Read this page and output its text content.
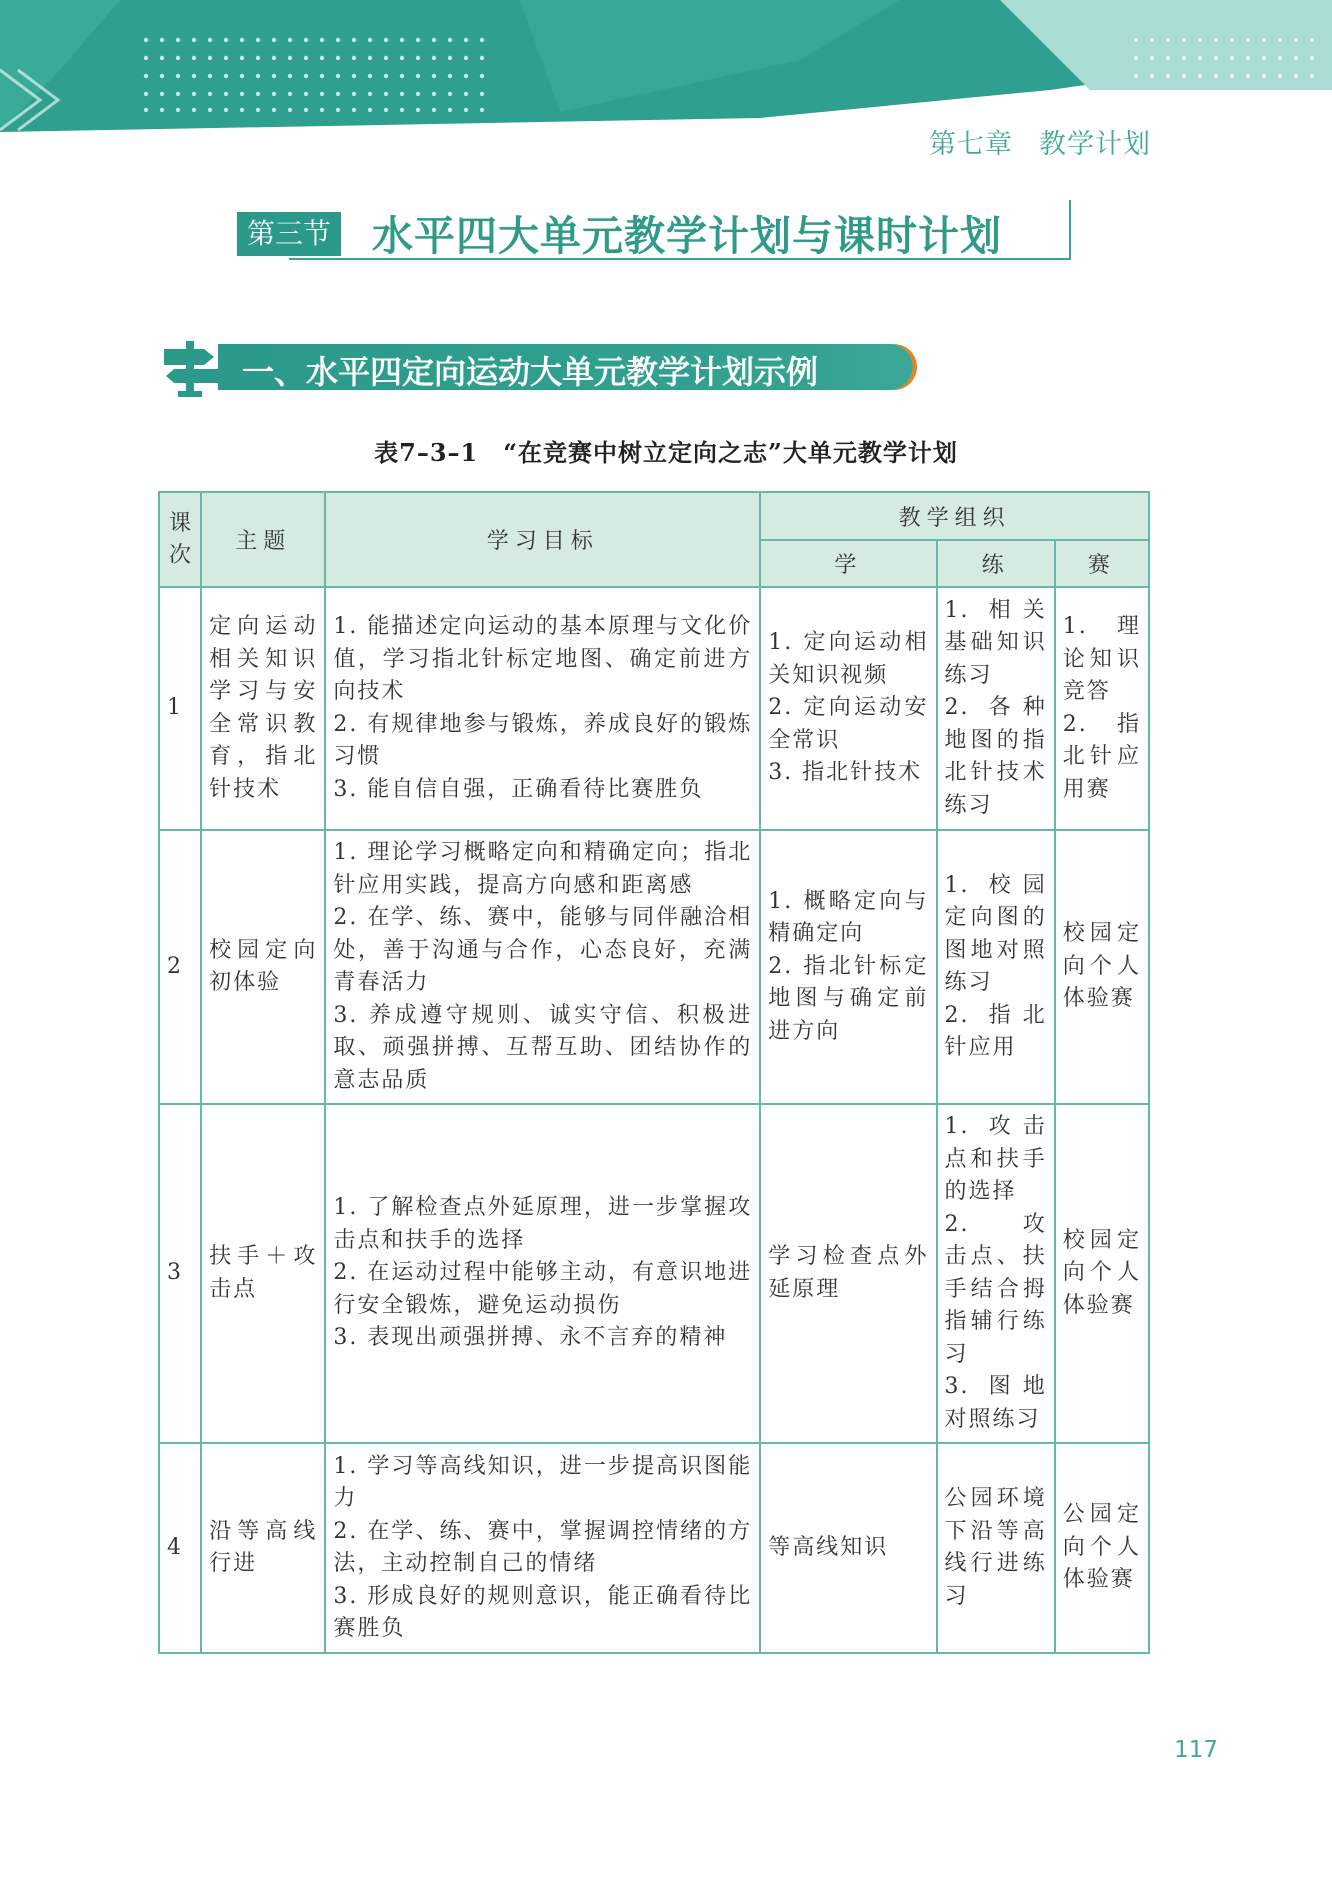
第七章 教学计划
第三节 水平四大单元教学计划与课时计划
一、水平四定向运动大单元教学计划示例
表7–3–1　“在竞赛中树立定向之志”大单元教学计划
课次	主题	学习目标	教学组织		
			学	练	赛
1	定向运动相关知识学习与安全常识教育，指北针技术	1. 能描述定向运动的基本原理与文化价值，学习指北针标定地图、确定前进方向技术
2. 有规律地参与锻炼，养成良好的锻炼习惯
3. 能自信自强，正确看待比赛胜负	1. 定向运动相关知识视频
2. 定向运动安全常识
3. 指北针技术	1. 相关基础知识练习
2. 各种地图的指北针技术练习	1. 理论知识竞答
2. 指北针应用赛

2	校园定向初体验	1. 理论学习概略定向和精确定向；指北针应用实践，提高方向感和距离感
2. 在学、练、赛中，能够与同伴融洽相处，善于沟通与合作，心态良好，充满青春活力
3. 养成遵守规则、诚实守信、积极进取、顽强拼搏、互帮互助、团结协作的意志品质	1. 概略定向与精确定向
2. 指北针标定地图与确定前进方向	1. 校园定向图的图地对照练习
2. 指北针应用	校园定向个人体验赛

3	扶手＋攻击点	1. 了解检查点外延原理，进一步掌握攻击点和扶手的选择
2. 在运动过程中能够主动，有意识地进行安全锻炼，避免运动损伤
3. 表现出顽强拼搏、永不言弃的精神	学习检查点外延原理	1. 攻击点和扶手的选择
2. 攻　击点、扶手结合拇指辅行练习
3. 图地对照练习	校园定向个人体验赛

4	沿等高线行进	1. 学习等高线知识，进一步提高识图能力
2. 在学、练、赛中，掌握调控情绪的方法，主动控制自己的情绪
3. 形成良好的规则意识，能正确看待比赛胜负	等高线知识	公园环境下沿等高线行进练习	公园定向个人体验赛
117
